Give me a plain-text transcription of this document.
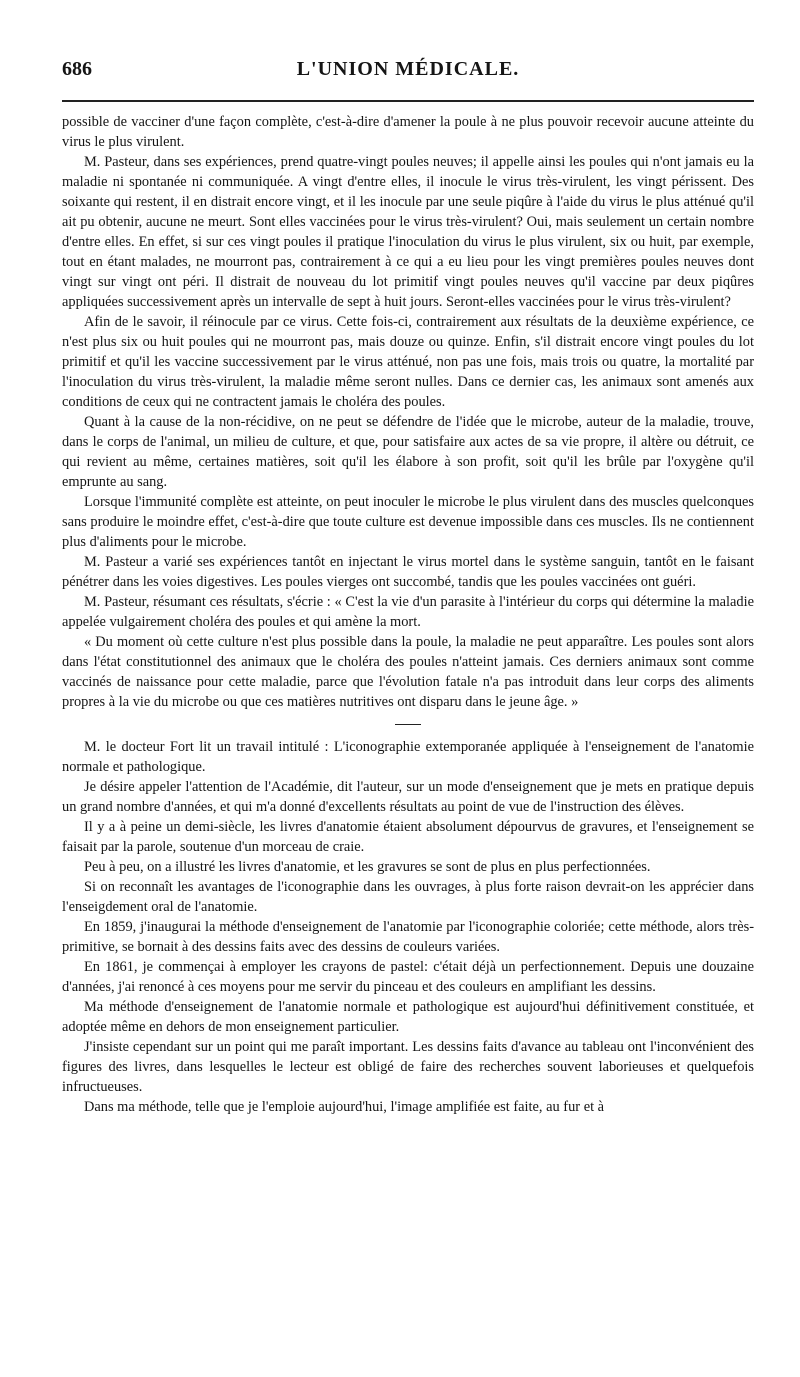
686	L'UNION MÉDICALE.

possible de vacciner d'une façon complète, c'est-à-dire d'amener la poule à ne plus pouvoir recevoir aucune atteinte du virus le plus virulent.

M. Pasteur, dans ses expériences, prend quatre-vingt poules neuves; il appelle ainsi les poules qui n'ont jamais eu la maladie ni spontanée ni communiquée. A vingt d'entre elles, il inocule le virus très-virulent, les vingt périssent. Des soixante qui restent, il en distrait encore vingt, et il les inocule par une seule piqûre à l'aide du virus le plus atténué qu'il ait pu obtenir, aucune ne meurt. Sont elles vaccinées pour le virus très-virulent? Oui, mais seulement un certain nombre d'entre elles. En effet, si sur ces vingt poules il pratique l'inoculation du virus le plus virulent, six ou huit, par exemple, tout en étant malades, ne mourront pas, contrairement à ce qui a eu lieu pour les vingt premières poules neuves dont vingt sur vingt ont péri. Il distrait de nouveau du lot primitif vingt poules neuves qu'il vaccine par deux piqûres appliquées successivement après un intervalle de sept à huit jours. Seront-elles vaccinées pour le virus très-virulent?

Afin de le savoir, il réinocule par ce virus. Cette fois-ci, contrairement aux résultats de la deuxième expérience, ce n'est plus six ou huit poules qui ne mourront pas, mais douze ou quinze. Enfin, s'il distrait encore vingt poules du lot primitif et qu'il les vaccine successivement par le virus atténué, non pas une fois, mais trois ou quatre, la mortalité par l'inoculation du virus très-virulent, la maladie même seront nulles. Dans ce dernier cas, les animaux sont amenés aux conditions de ceux qui ne contractent jamais le choléra des poules.

Quant à la cause de la non-récidive, on ne peut se défendre de l'idée que le microbe, auteur de la maladie, trouve, dans le corps de l'animal, un milieu de culture, et que, pour satisfaire aux actes de sa vie propre, il altère ou détruit, ce qui revient au même, certaines matières, soit qu'il les élabore à son profit, soit qu'il les brûle par l'oxygène qu'il emprunte au sang.

Lorsque l'immunité complète est atteinte, on peut inoculer le microbe le plus virulent dans des muscles quelconques sans produire le moindre effet, c'est-à-dire que toute culture est devenue impossible dans ces muscles. Ils ne contiennent plus d'aliments pour le microbe.

M. Pasteur a varié ses expériences tantôt en injectant le virus mortel dans le système sanguin, tantôt en le faisant pénétrer dans les voies digestives. Les poules vierges ont succombé, tandis que les poules vaccinées ont guéri.

M. Pasteur, résumant ces résultats, s'écrie : « C'est la vie d'un parasite à l'intérieur du corps qui détermine la maladie appelée vulgairement choléra des poules et qui amène la mort.

« Du moment où cette culture n'est plus possible dans la poule, la maladie ne peut apparaître. Les poules sont alors dans l'état constitutionnel des animaux que le choléra des poules n'atteint jamais. Ces derniers animaux sont comme vaccinés de naissance pour cette maladie, parce que l'évolution fatale n'a pas introduit dans leur corps des aliments propres à la vie du microbe ou que ces matières nutritives ont disparu dans le jeune âge. »

M. le docteur Fort lit un travail intitulé : L'iconographie extemporanée appliquée à l'enseignement de l'anatomie normale et pathologique.

Je désire appeler l'attention de l'Académie, dit l'auteur, sur un mode d'enseignement que je mets en pratique depuis un grand nombre d'années, et qui m'a donné d'excellents résultats au point de vue de l'instruction des élèves.

Il y a à peine un demi-siècle, les livres d'anatomie étaient absolument dépourvus de gravures, et l'enseignement se faisait par la parole, soutenue d'un morceau de craie.

Peu à peu, on a illustré les livres d'anatomie, et les gravures se sont de plus en plus perfectionnées.

Si on reconnaît les avantages de l'iconographie dans les ouvrages, à plus forte raison devrait-on les apprécier dans l'enseigdement oral de l'anatomie.

En 1859, j'inaugurai la méthode d'enseignement de l'anatomie par l'iconographie coloriée; cette méthode, alors très-primitive, se bornait à des dessins faits avec des dessins de couleurs variées.

En 1861, je commençai à employer les crayons de pastel: c'était déjà un perfectionnement. Depuis une douzaine d'années, j'ai renoncé à ces moyens pour me servir du pinceau et des couleurs en amplifiant les dessins.

Ma méthode d'enseignement de l'anatomie normale et pathologique est aujourd'hui définitivement constituée, et adoptée même en dehors de mon enseignement particulier.

J'insiste cependant sur un point qui me paraît important. Les dessins faits d'avance au tableau ont l'inconvénient des figures des livres, dans lesquelles le lecteur est obligé de faire des recherches souvent laborieuses et quelquefois infructueuses.

Dans ma méthode, telle que je l'emploie aujourd'hui, l'image amplifiée est faite, au fur et à
